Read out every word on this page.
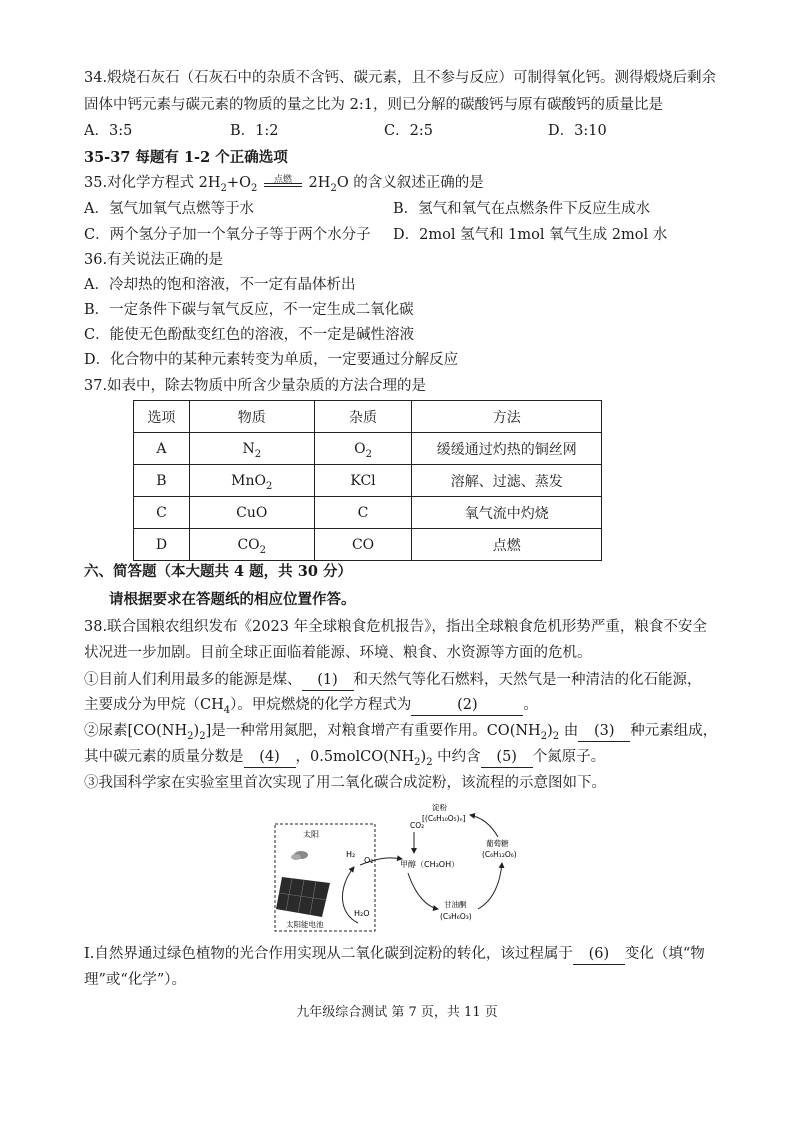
34.煅烧石灰石（石灰石中的杂质不含钙、碳元素，且不参与反应）可制得氧化钙。测得煅烧后剩余
固体中钙元素与碳元素的物质的量之比为 2:1，则已分解的碳酸钙与原有碳酸钙的质量比是
A．3:5	B．1:2	C．2:5	D．3:10
35-37 每题有 1-2 个正确选项
35.对化学方程式 $2H_2+O_2$
点燃 $2H_2O$ 的含义叙述正确的是
A．氢气加氧气点燃等于水	B．氢气和氧气在点燃条件下反应生成水
C．两个氢分子加一个氧分子等于两个水分子 D．2mol 氢气和 1mol 氧气生成 2mol 水
36.有关说法正确的是
A．冷却热的饱和溶液，不一定有晶体析出
B．一定条件下碳与氧气反应，不一定生成二氧化碳
C．能使无色酚酞变红色的溶液，不一定是碱性溶液
D．化合物中的某种元素转变为单质，一定要通过分解反应
37.如表中，除去物质中所含少量杂质的方法合理的是
选项	物质	杂质	方法
A	$N_2$	$O_2$	缓缓通过灼热的铜丝网
B	MnO$_2$	KCl	溶解、过滤、蒸发
C	CuO	C	氧气流中灼烧
D	$CO_2$	CO	点燃
六、简答题（本大题共 4 题，共 30 分）
请根据要求在答题纸的相应位置作答。
38.联合国粮农组织发布《2023 年全球粮食危机报告》，指出全球粮食危机形势严重，粮食不安全
状况进一步加剧。目前全球正面临着能源、环境、粮食、水资源等方面的危机。
①目前人们利用最多的能源是煤、 (1) 和天然气等化石燃料，天然气是一种清洁的化石能源，
主要成分为甲烷$(CH_4)$。甲烷燃烧的化学方程式为	(2)	。
②尿素$[CO(NH_2)_2]$是一种常用氮肥，对粮食增产有重要作用。$CO(NH_2)_2$ 由 (3) 种元素组成，
其中碳元素的质量分数是 (4) ，$0.5molCO(NH_2)_2$ 中约含 (5) 个氮原子。
③我国科学家在实验室里首次实现了用二氧化碳合成淀粉，该流程的示意图如下。
太阳
太阳能电池
H₂
O₂
H₂O
CO₂
甲醇（CH₃OH）
淀粉
[(C₆H₁₀O₅)ₙ]
葡萄糖
(C₆H₁₂O₆)
甘油酮
(C₃H₆O₃)
Ⅰ.自然界通过绿色植物的光合作用实现从二氧化碳到淀粉的转化，该过程属于 (6) 变化（填“物
理”或“化学”）。
九年级综合测试 第 7 页，共 11 页
